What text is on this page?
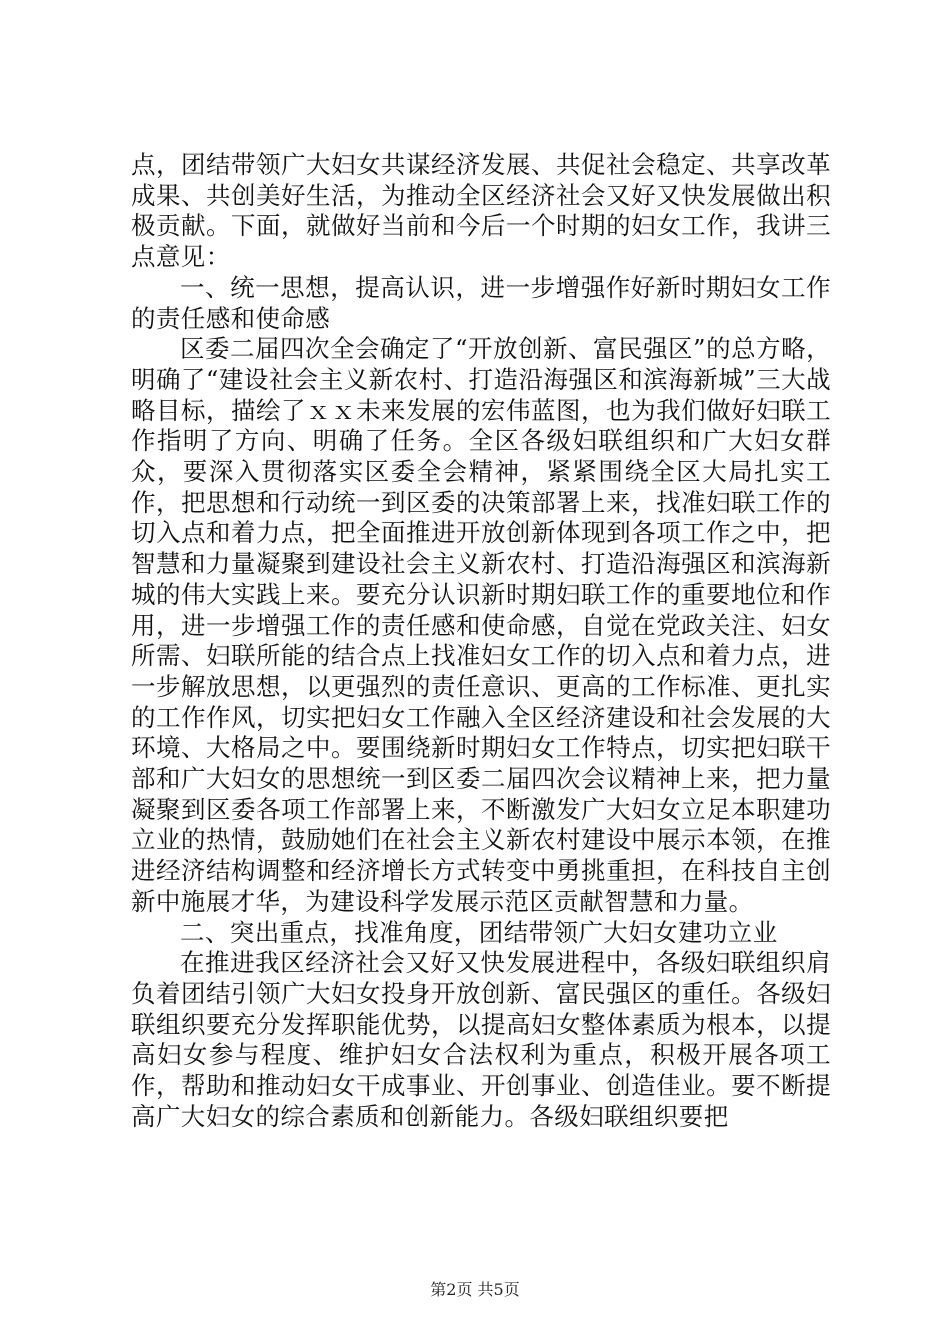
点，团结带领广大妇女共谋经济发展、共促社会稳定、共享改革成果、共创美好生活，为推动全区经济社会又好又快发展做出积极贡献。下面，就做好当前和今后一个时期的妇女工作，我讲三点意见：

一、统一思想，提高认识，进一步增强作好新时期妇女工作的责任感和使命感

区委二届四次全会确定了“开放创新、富民强区”的总方略，明确了“建设社会主义新农村、打造沿海强区和滨海新城”三大战略目标，描绘了ｘｘ未来发展的宏伟蓝图，也为我们做好妇联工作指明了方向、明确了任务。全区各级妇联组织和广大妇女群众，要深入贯彻落实区委全会精神，紧紧围绕全区大局扎实工作，把思想和行动统一到区委的决策部署上来，找准妇联工作的切入点和着力点，把全面推进开放创新体现到各项工作之中，把智慧和力量凝聚到建设社会主义新农村、打造沿海强区和滨海新城的伟大实践上来。要充分认识新时期妇联工作的重要地位和作用，进一步增强工作的责任感和使命感，自觉在党政关注、妇女所需、妇联所能的结合点上找准妇女工作的切入点和着力点，进一步解放思想，以更强烈的责任意识、更高的工作标准、更扎实的工作作风，切实把妇女工作融入全区经济建设和社会发展的大环境、大格局之中。要围绕新时期妇女工作特点，切实把妇联干部和广大妇女的思想统一到区委二届四次会议精神上来，把力量凝聚到区委各项工作部署上来，不断激发广大妇女立足本职建功立业的热情，鼓励她们在社会主义新农村建设中展示本领，在推进经济结构调整和经济增长方式转变中勇挑重担，在科技自主创新中施展才华，为建设科学发展示范区贡献智慧和力量。

二、突出重点，找准角度，团结带领广大妇女建功立业

在推进我区经济社会又好又快发展进程中，各级妇联组织肩负着团结引领广大妇女投身开放创新、富民强区的重任。各级妇联组织要充分发挥职能优势，以提高妇女整体素质为根本，以提高妇女参与程度、维护妇女合法权利为重点，积极开展各项工作，帮助和推动妇女干成事业、开创事业、创造佳业。要不断提高广大妇女的综合素质和创新能力。各级妇联组织要把

第2页 共5页
